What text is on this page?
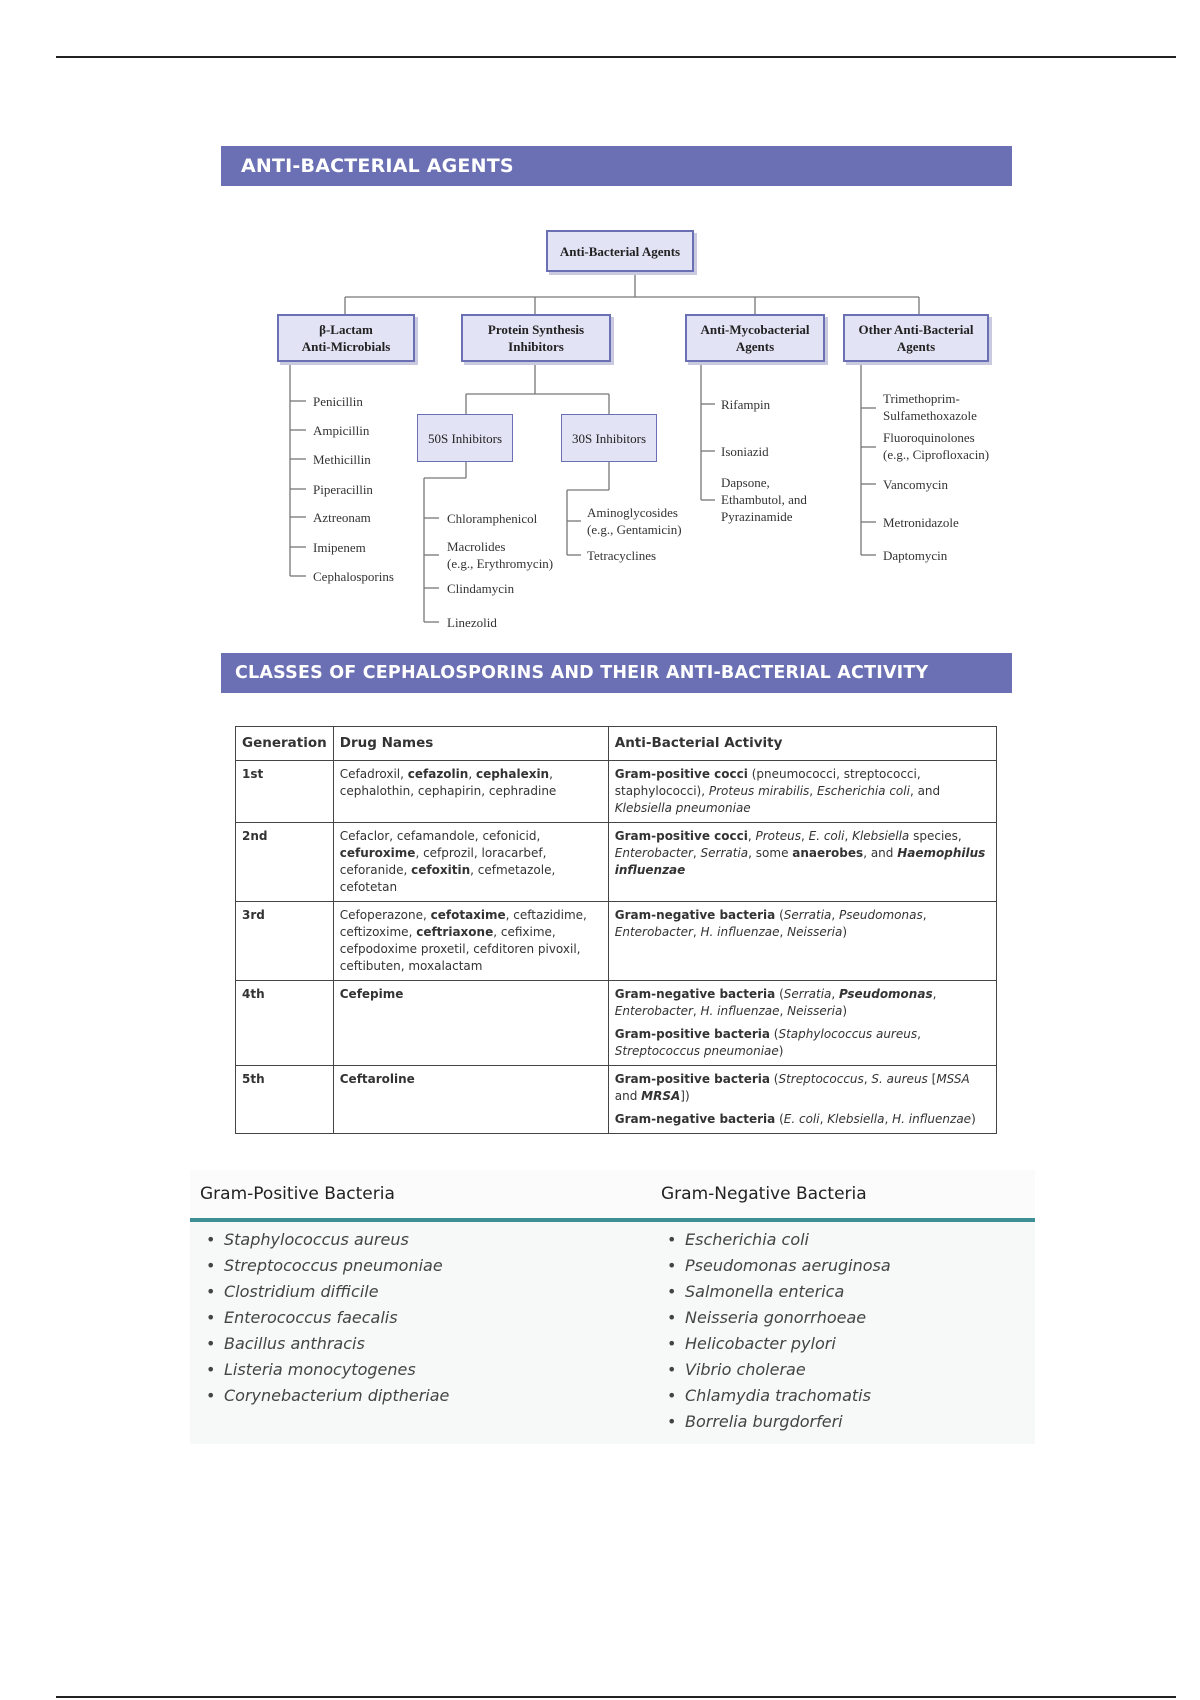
ANTI-BACTERIAL AGENTS
Anti-Bacterial Agents
β-Lactam
Anti-Microbials
Protein Synthesis
Inhibitors
Anti-Mycobacterial
Agents
Other Anti-Bacterial
Agents
50S Inhibitors	30S Inhibitors
Penicillin
Ampicillin
Methicillin
Piperacillin
Aztreonam
Imipenem
Cephalosporins
Chloramphenicol
Macrolides
(e.g., Erythromycin)
Clindamycin
Linezolid
Aminoglycosides
(e.g., Gentamicin)
Tetracyclines
Rifampin
Isoniazid
Dapsone,
Ethambutol, and
Pyrazinamide
Trimethoprim-
Sulfamethoxazole
Fluoroquinolones
(e.g., Ciprofloxacin)
Vancomycin
Metronidazole
Daptomycin
CLASSES OF CEPHALOSPORINS AND THEIR ANTI-BACTERIAL ACTIVITY
Generation	Drug Names	Anti-Bacterial Activity
1st	Cefadroxil, cefazolin, cephalexin, cephalothin, cephapirin, cephradine	Gram-positive cocci (pneumococci, streptococci, staphylococci), Proteus mirabilis, Escherichia coli, and Klebsiella pneumoniae

2nd	Cefaclor, cefamandole, cefonicid, cefuroxime, cefprozil, loracarbef, ceforanide, cefoxitin, cefmetazole, cefotetan	Gram-positive cocci, Proteus, E. coli, Klebsiella species, Enterobacter, Serratia, some anaerobes, and Haemophilus influenzae

3rd	Cefoperazone, cefotaxime, ceftazidime, ceftizoxime, ceftriaxone, cefixime, cefpodoxime proxetil, cefditoren pivoxil, ceftibuten, moxalactam	Gram-negative bacteria (Serratia, Pseudomonas, Enterobacter, H. influenzae, Neisseria)

4th	Cefepime	Gram-negative bacteria (Serratia, Pseudomonas, Enterobacter, H. influenzae, Neisseria)

Gram-positive bacteria (Staphylococcus aureus, Streptococcus pneumoniae)

5th	Ceftaroline	Gram-positive bacteria (Streptococcus, S. aureus [MSSA and MRSA])

Gram-negative bacteria (E. coli, Klebsiella, H. influenzae)

Gram-Positive Bacteria	Gram-Negative Bacteria
• Staphylococcus aureus
• Streptococcus pneumoniae
• Clostridium difficile
• Enterococcus faecalis
• Bacillus anthracis
• Listeria monocytogenes
• Corynebacterium diptheriae
• Escherichia coli
• Pseudomonas aeruginosa
• Salmonella enterica
• Neisseria gonorrhoeae
• Helicobacter pylori
• Vibrio cholerae
• Chlamydia trachomatis
• Borrelia burgdorferi
